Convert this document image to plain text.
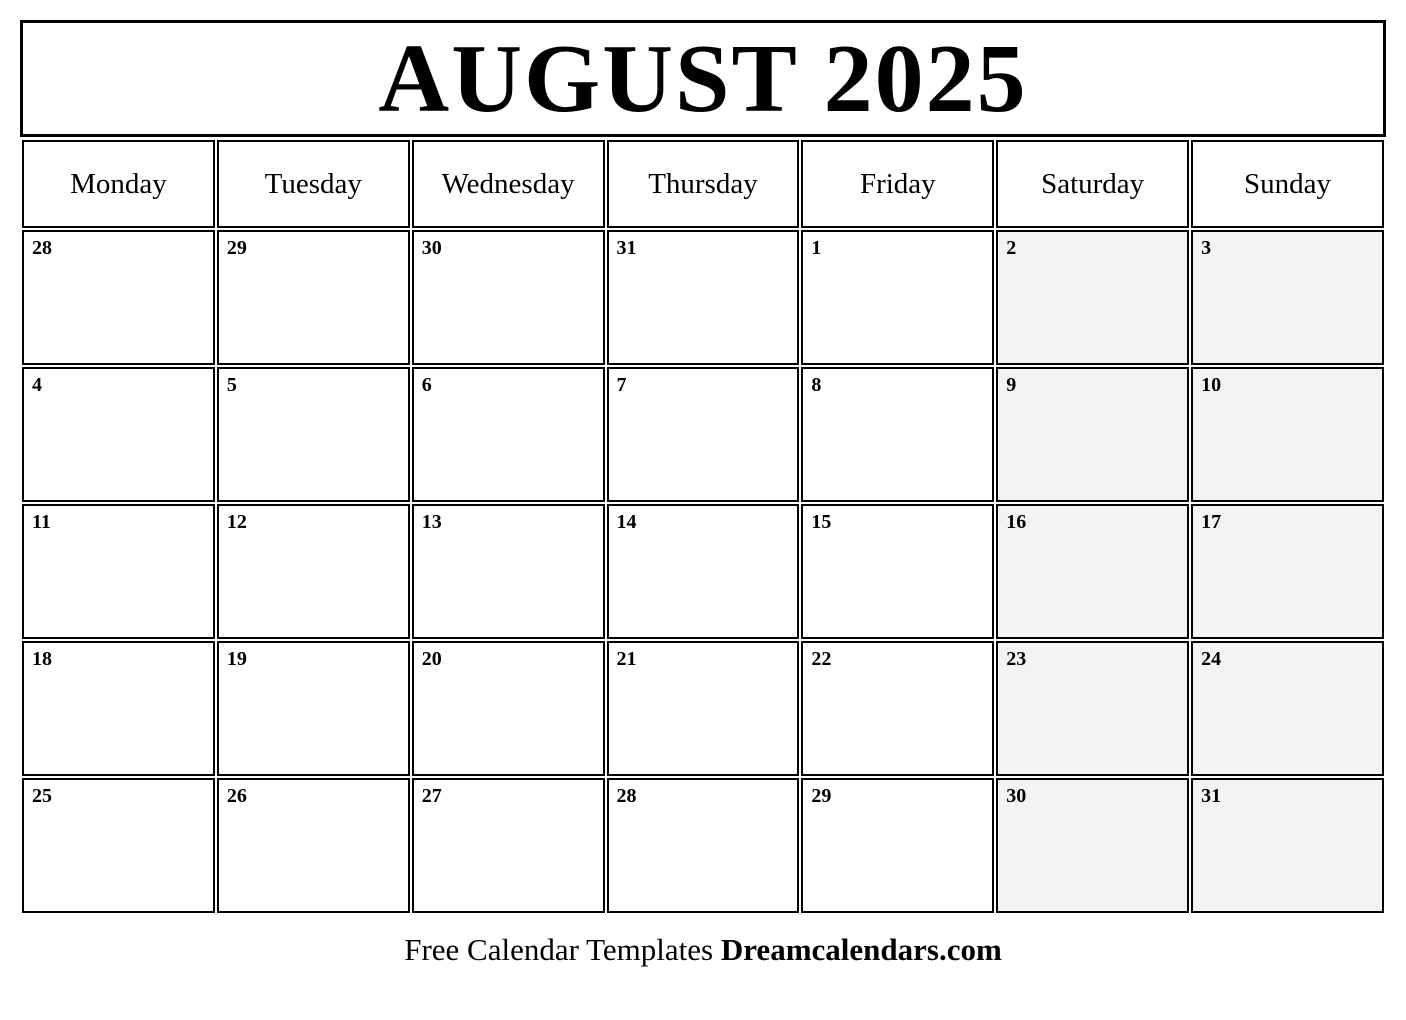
AUGUST 2025
Monday	Tuesday	Wednesday	Thursday	Friday	Saturday	Sunday
28	29	30	31	1	2	3
4	5	6	7	8	9	10
11	12	13	14	15	16	17
18	19	20	21	22	23	24
25	26	27	28	29	30	31
Free Calendar Templates Dreamcalendars.com
